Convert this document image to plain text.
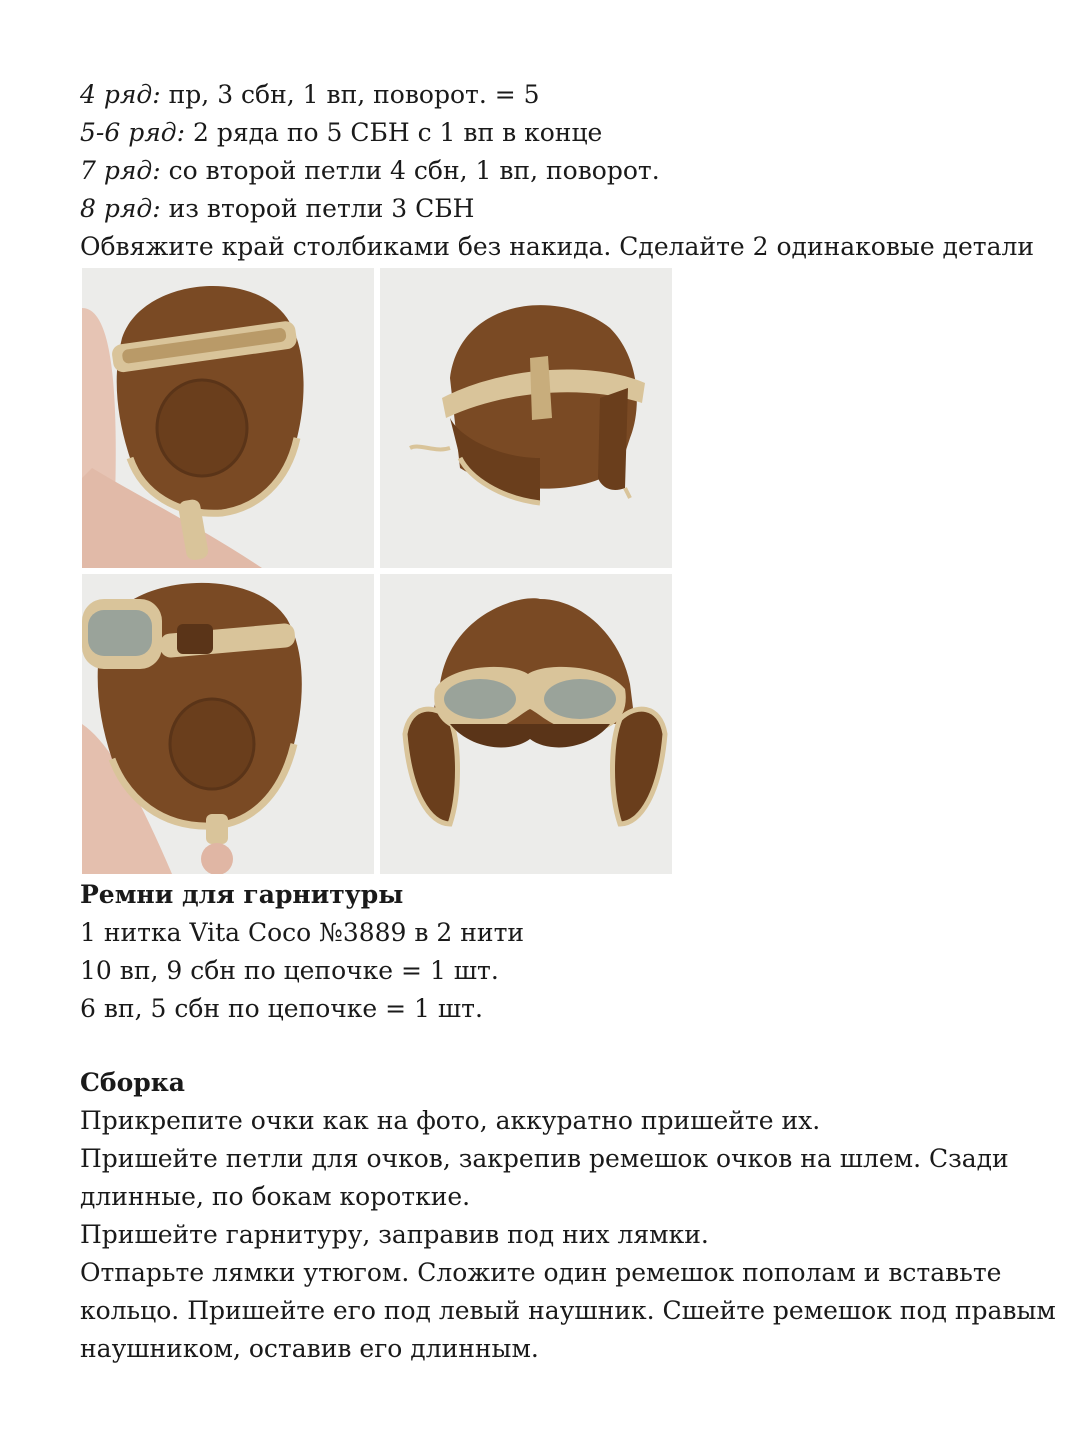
4 ряд: пр, 3 сбн, 1 вп, поворот. = 5
5-6 ряд: 2 ряда по 5 СБН с 1 вп в конце
7 ряд: со второй петли 4 сбн, 1 вп, поворот.
8 ряд: из второй петли 3 СБН
Обвяжите край столбиками без накида. Сделайте 2 одинаковые детали
Ремни для гарнитуры
1 нитка Vita Coco №3889 в 2 нити
10 вп, 9 сбн по цепочке = 1 шт.
6 вп, 5 сбн по цепочке = 1 шт.
Сборка
Прикрепите очки как на фото, аккуратно пришейте их.
Пришейте петли для очков, закрепив ремешок очков на шлем. Сзади длинные, по бокам короткие.
Пришейте гарнитуру, заправив под них лямки.
Отпарьте лямки утюгом. Сложите один ремешок пополам и вставьте кольцо. Пришейте его под левый наушник. Сшейте ремешок под правым наушником, оставив его длинным.
